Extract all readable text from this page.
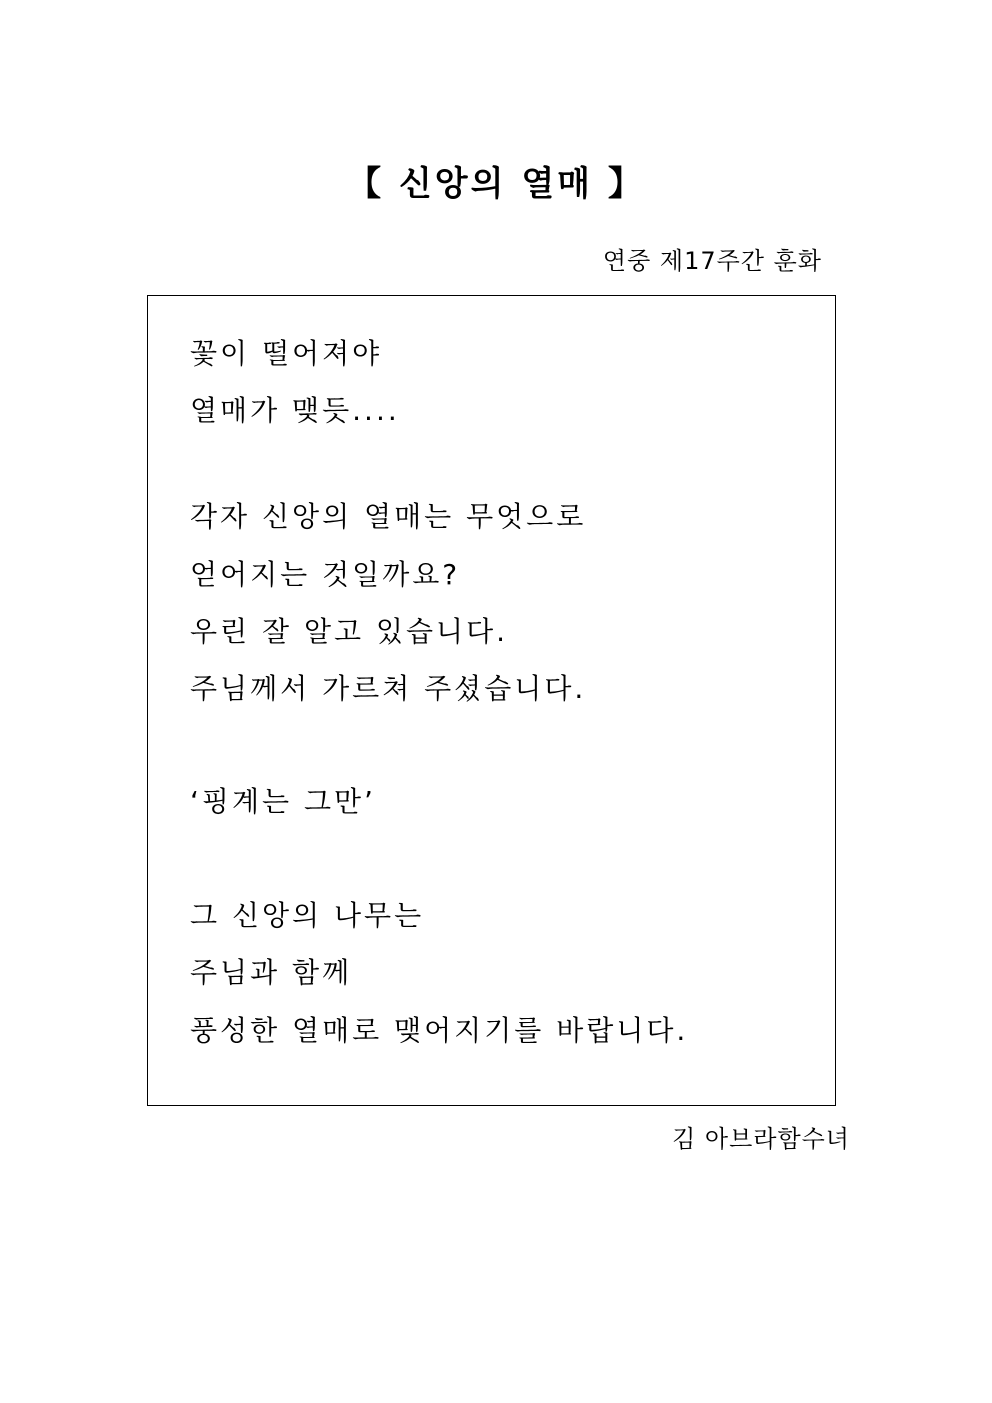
【 신앙의 열매 】
연중 제17주간 훈화
꽃이 떨어져야
열매가 맺듯....
각자 신앙의 열매는 무엇으로
얻어지는 것일까요?
우린 잘 알고 있습니다.
주님께서 가르쳐 주셨습니다.
‘핑계는 그만’
그 신앙의 나무는
주님과 함께
풍성한 열매로 맺어지기를 바랍니다.
김 아브라함수녀
